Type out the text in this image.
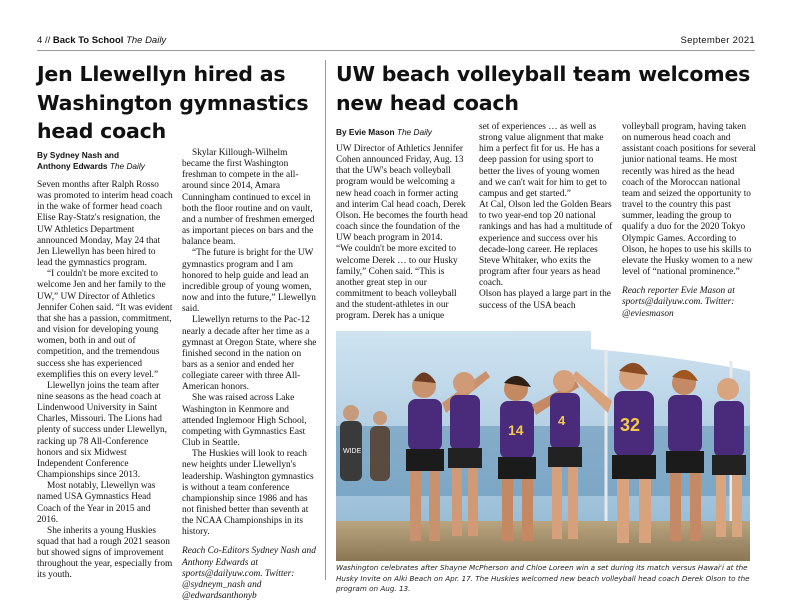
4 // Back To School The Daily	September 2021
Jen Llewellyn hired as Washington gymnastics head coach
By Sydney Nash and
Anthony Edwards The Daily

Seven months after Ralph Rosso was promoted to interim head coach in the wake of former head coach Elise Ray-Statz's resignation, the UW Athletics Department announced Monday, May 24 that Jen Llewellyn has been hired to lead the gymnastics program.

“I couldn't be more excited to welcome Jen and her family to the UW,” UW Director of Athletics Jennifer Cohen said. “It was evident that she has a passion, commitment, and vision for developing young women, both in and out of competition, and the tremendous success she has experienced exemplifies this on every level.”

Llewellyn joins the team after nine seasons as the head coach at Lindenwood University in Saint Charles, Missouri. The Lions had plenty of success under Llewellyn, racking up 78 All-Conference honors and six Midwest Independent Conference Championships since 2013.

Most notably, Llewellyn was named USA Gymnastics Head Coach of the Year in 2015 and 2016.

She inherits a young Huskies squad that had a rough 2021 season but showed signs of improvement throughout the year, especially from its youth.

Skylar Killough-Wilhelm became the first Washington freshman to compete in the all-around since 2014, Amara Cunningham continued to excel in both the floor routine and on vault, and a number of freshmen emerged as important pieces on bars and the balance beam.

“The future is bright for the UW gymnastics program and I am honored to help guide and lead an incredible group of young women, now and into the future,” Llewellyn said.

Llewellyn returns to the Pac-12 nearly a decade after her time as a gymnast at Oregon State, where she finished second in the nation on bars as a senior and ended her collegiate career with three All-American honors.

She was raised across Lake Washington in Kenmore and attended Inglemoor High School, competing with Gymnastics East Club in Seattle.

The Huskies will look to reach new heights under Llewellyn's leadership. Washington gymnastics is without a team conference championship since 1986 and has not finished better than seventh at the NCAA Championships in its history.

Reach Co-Editors Sydney Nash and Anthony Edwards at sports@dailyuw.com. Twitter: @sydneym_nash and @edwardsanthonyb

UW beach volleyball team welcomes new head coach
By Evie Mason The Daily

UW Director of Athletics Jennifer Cohen announced Friday, Aug. 13 that the UW's beach volleyball program would be welcoming a new head coach in former acting and interim Cal head coach, Derek Olson. He becomes the fourth head coach since the foundation of the UW beach program in 2014.

“We couldn't be more excited to welcome Derek … to our Husky family,” Cohen said. “This is another great step in our commitment to beach volleyball and the student-athletes in our program. Derek has a unique

set of experiences … as well as strong value alignment that make him a perfect fit for us. He has a deep passion for using sport to better the lives of young women and we can't wait for him to get to campus and get started.”

At Cal, Olson led the Golden Bears to two year-end top 20 national rankings and has had a multitude of experience and success over his decade-long career. He replaces Steve Whitaker, who exits the program after four years as head coach.

Olson has played a large part in the success of the USA beach

volleyball program, having taken on numerous head coach and assistant coach positions for several junior national teams. He most recently was hired as the head coach of the Moroccan national team and seized the opportunity to travel to the country this past summer, leading the group to qualify a duo for the 2020 Tokyo Olympic Games. According to Olson, he hopes to use his skills to elevate the Husky women to a new level of “national prominence.”

Reach reporter Evie Mason at sports@dailyuw.com. Twitter: @eviesmason

WIDE
14
4	32
Washington celebrates after Shayne McPherson and Chloe Loreen win a set during its match versus Hawai'i at the Husky Invite on Alki Beach on Apr. 17. The Huskies welcomed new beach volleyball head coach Derek Olson to the program on Aug. 13.
